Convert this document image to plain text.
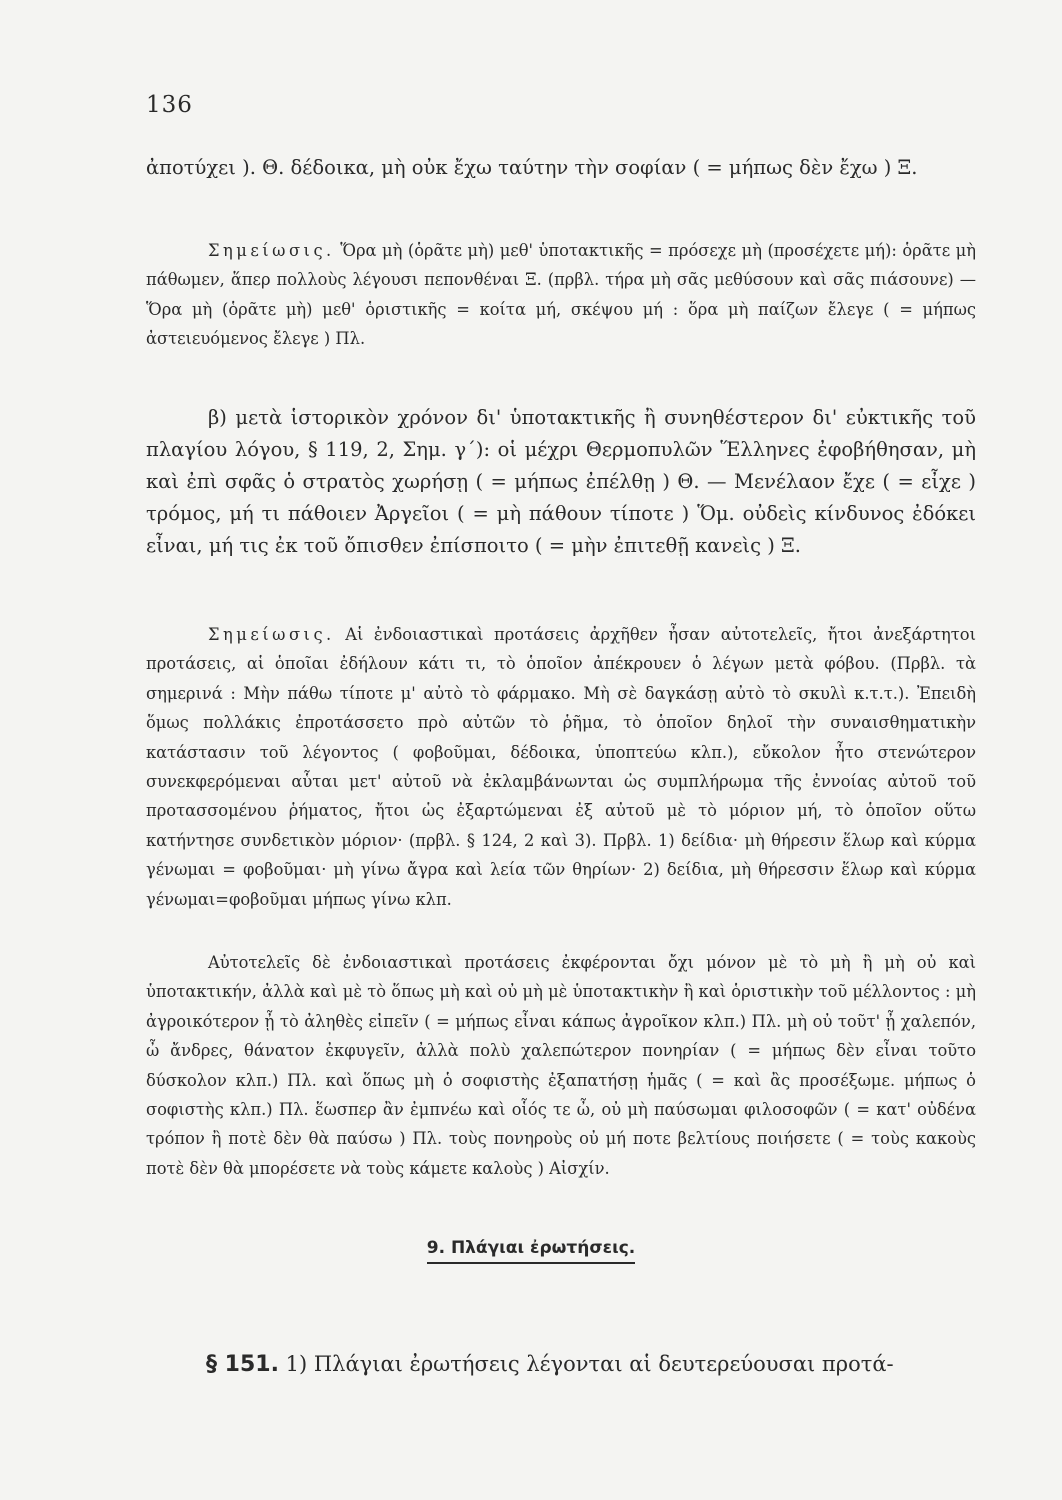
136

ἀποτύχει ). Θ. δέδοικα, μὴ οὐκ ἔχω ταύτην τὴν σοφίαν ( = μήπως δὲν ἔχω ) Ξ.

Σημείωσις. Ὅρα μὴ (ὁρᾶτε μὴ) μεθ' ὑποτακτικῆς = πρόσεχε μὴ (προσέχετε μή): ὁρᾶτε μὴ πάθωμεν, ἅπερ πολλοὺς λέγουσι πεπονθέναι Ξ. (πρβλ. τήρα μὴ σᾶς μεθύσουν καὶ σᾶς πιάσουνε) — Ὅρα μὴ (ὁρᾶτε μὴ) μεθ' ὁριστικῆς = κοίτα μή, σκέψου μή : ὅρα μὴ παίζων ἔλεγε ( = μήπως ἀστειευόμενος ἔλεγε ) Πλ.

β) μετὰ ἱστορικὸν χρόνον δι' ὑποτακτικῆς ἢ συνηθέστερον δι' εὐκτικῆς τοῦ πλαγίου λόγου, § 119, 2, Σημ. γ΄): οἱ μέχρι Θερμοπυλῶν Ἕλληνες ἐφοβήθησαν, μὴ καὶ ἐπὶ σφᾶς ὁ στρατὸς χωρήσῃ ( = μήπως ἐπέλθῃ ) Θ. — Μενέλαον ἔχε ( = εἶχε ) τρόμος, μή τι πάθοιεν Ἀργεῖοι ( = μὴ πάθουν τίποτε ) Ὅμ. οὐδεὶς κίνδυνος ἐδόκει εἶναι, μή τις ἐκ τοῦ ὄπισθεν ἐπίσποιτο ( = μὴν ἐπιτεθῇ κανεὶς ) Ξ.

Σημείωσις. Αἱ ἐνδοιαστικαὶ προτάσεις ἀρχῆθεν ἦσαν αὐτοτελεῖς, ἤτοι ἀνεξάρτητοι προτάσεις, αἱ ὁποῖαι ἐδήλουν κάτι τι, τὸ ὁποῖον ἀπέκρουεν ὁ λέγων μετὰ φόβου. (Πρβλ. τὰ σημερινά : Μὴν πάθω τίποτε μ' αὐτὸ τὸ φάρμακο. Μὴ σὲ δαγκάσῃ αὐτὸ τὸ σκυλὶ κ.τ.τ.). Ἐπειδὴ ὅμως πολλάκις ἐπροτάσσετο πρὸ αὐτῶν τὸ ῥῆμα, τὸ ὁποῖον δηλοῖ τὴν συναισθηματικὴν κατάστασιν τοῦ λέγοντος ( φοβοῦμαι, δέδοικα, ὑποπτεύω κλπ.), εὔκολον ἦτο στενώτερον συνεκφερόμεναι αὗται μετ' αὐτοῦ νὰ ἐκλαμβάνωνται ὡς συμπλήρωμα τῆς ἐννοίας αὐτοῦ τοῦ προτασσομένου ῥήματος, ἤτοι ὡς ἐξαρτώμεναι ἐξ αὐτοῦ μὲ τὸ μόριον μή, τὸ ὁποῖον οὕτω κατήντησε συνδετικὸν μόριον· (πρβλ. § 124, 2 καὶ 3). Πρβλ. 1) δείδια· μὴ θήρεσιν ἕλωρ καὶ κύρμα γένωμαι = φοβοῦμαι· μὴ γίνω ἄγρα καὶ λεία τῶν θηρίων· 2) δείδια, μὴ θήρεσσιν ἕλωρ καὶ κύρμα γένωμαι=φοβοῦμαι μήπως γίνω κλπ.

Αὐτοτελεῖς δὲ ἐνδοιαστικαὶ προτάσεις ἐκφέρονται ὄχι μόνον μὲ τὸ μὴ ἢ μὴ οὐ καὶ ὑποτακτικήν, ἀλλὰ καὶ μὲ τὸ ὅπως μὴ καὶ οὐ μὴ μὲ ὑποτακτικὴν ἢ καὶ ὁριστικὴν τοῦ μέλλοντος : μὴ ἀγροικότερον ᾖ τὸ ἀληθὲς εἰπεῖν ( = μήπως εἶναι κάπως ἀγροῖκον κλπ.) Πλ. μὴ οὐ τοῦτ' ᾖ χαλεπόν, ὦ ἄνδρες, θάνατον ἐκφυγεῖν, ἀλλὰ πολὺ χαλεπώτερον πονηρίαν ( = μήπως δὲν εἶναι τοῦτο δύσκολον κλπ.) Πλ. καὶ ὅπως μὴ ὁ σοφιστὴς ἐξαπατήσῃ ἡμᾶς ( = καὶ ἂς προσέξωμε. μήπως ὁ σοφιστὴς κλπ.) Πλ. ἕωσπερ ἂν ἐμπνέω καὶ οἷός τε ὦ, οὐ μὴ παύσωμαι φιλοσοφῶν ( = κατ' οὐδένα τρόπον ἢ ποτὲ δὲν θὰ παύσω ) Πλ. τοὺς πονηροὺς οὐ μή ποτε βελτίους ποιήσετε ( = τοὺς κακοὺς ποτὲ δὲν θὰ μπορέσετε νὰ τοὺς κάμετε καλοὺς ) Αἰσχίν.

9. Πλάγιαι ἐρωτήσεις.
§ 151. 1) Πλάγιαι ἐρωτήσεις λέγονται αἱ δευτερεύουσαι προτά-
